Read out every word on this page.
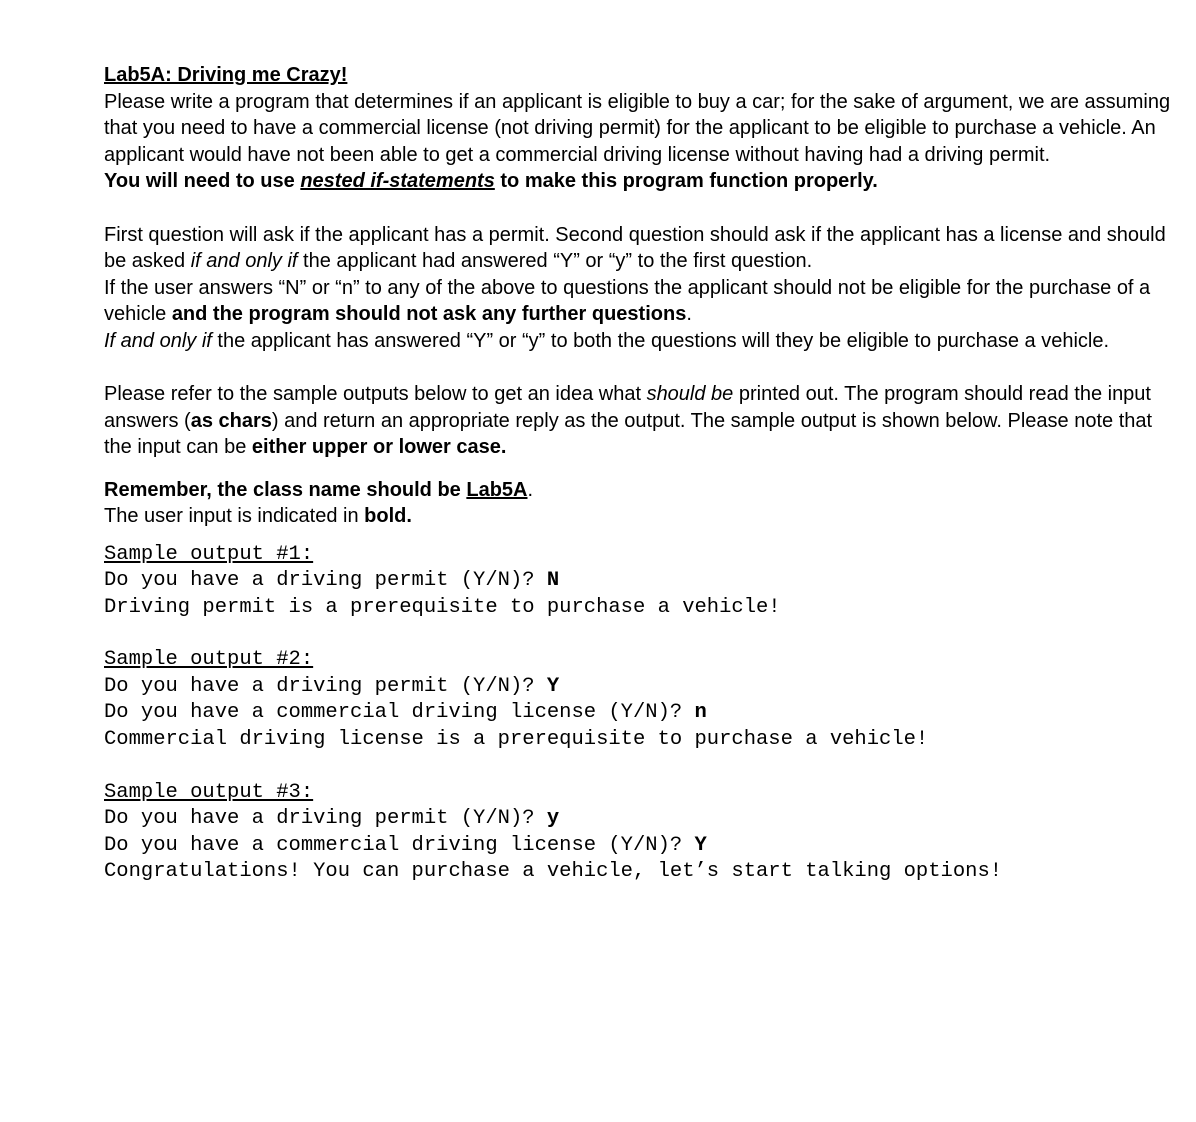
Lab5A: Driving me Crazy!

Please write a program that determines if an applicant is eligible to buy a car; for the sake of argument, we are assuming that you need to have a commercial license (not driving permit) for the applicant to be eligible to purchase a vehicle. An applicant would have not been able to get a commercial driving license without having had a driving permit.

You will need to use nested if-statements to make this program function properly.

First question will ask if the applicant has a permit. Second question should ask if the applicant has a license and should be asked if and only if the applicant had answered “Y” or “y” to the first question.

If the user answers “N” or “n” to any of the above to questions the applicant should not be eligible for the purchase of a vehicle and the program should not ask any further questions.

If and only if the applicant has answered “Y” or “y” to both the questions will they be eligible to purchase a vehicle.

Please refer to the sample outputs below to get an idea what should be printed out. The program should read the input answers (as chars) and return an appropriate reply as the output. The sample output is shown below. Please note that the input can be either upper or lower case.

Remember, the class name should be Lab5A.

The user input is indicated in bold.

Sample output #1:

Do you have a driving permit (Y/N)? N

Driving permit is a prerequisite to purchase a vehicle!

Sample output #2:

Do you have a driving permit (Y/N)? Y

Do you have a commercial driving license (Y/N)? n

Commercial driving license is a prerequisite to purchase a vehicle!

Sample output #3:

Do you have a driving permit (Y/N)? y

Do you have a commercial driving license (Y/N)? Y

Congratulations! You can purchase a vehicle, let’s start talking options!
